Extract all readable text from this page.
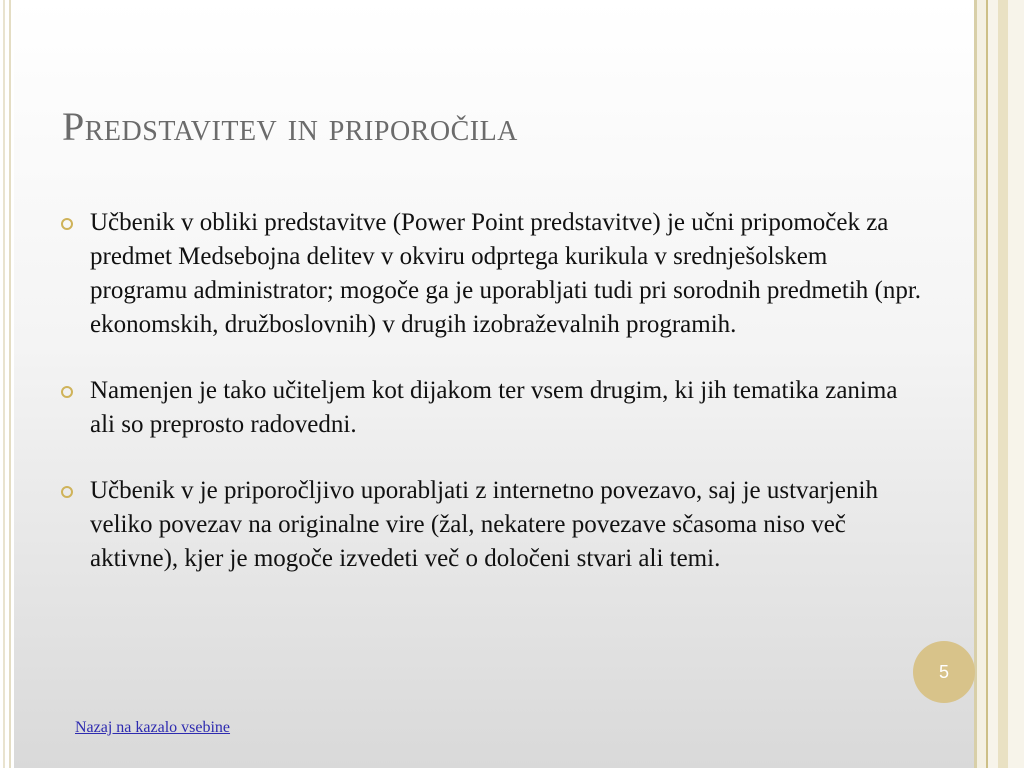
Predstavitev in priporočila
Učbenik v obliki predstavitve (Power Point predstavitve) je učni pripomoček za predmet Medsebojna delitev v okviru odprtega kurikula v srednješolskem programu administrator; mogoče ga je uporabljati tudi pri sorodnih predmetih (npr. ekonomskih, družboslovnih) v drugih izobraževalnih programih.
Namenjen je tako učiteljem kot dijakom ter vsem drugim, ki jih tematika zanima ali so preprosto radovedni.
Učbenik v je priporočljivo uporabljati z internetno povezavo, saj je ustvarjenih veliko povezav na originalne vire (žal, nekatere povezave sčasoma niso več aktivne), kjer je mogoče izvedeti več o določeni stvari ali temi.
5
Nazaj na kazalo vsebine
